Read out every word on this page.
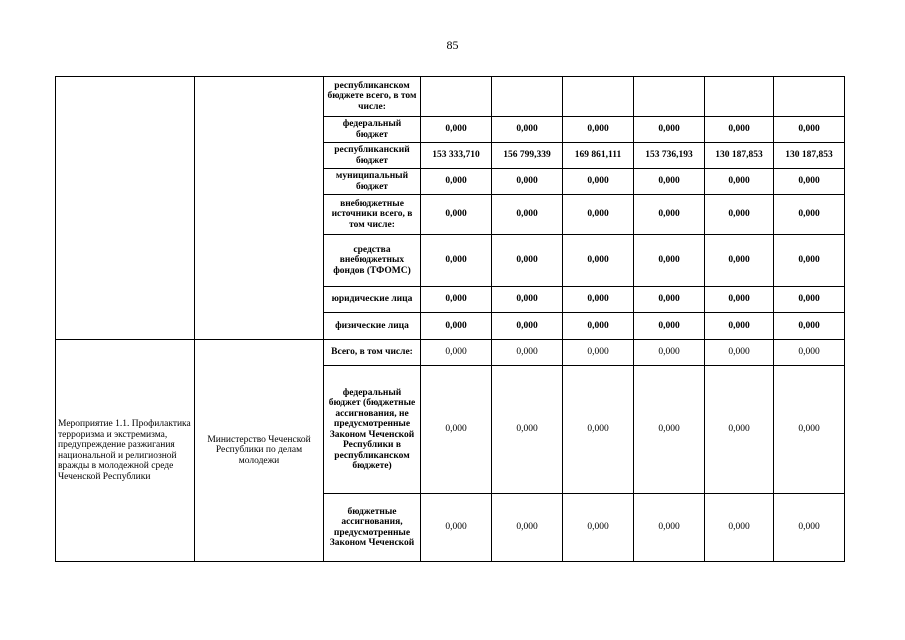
85
		республиканском бюджете всего, в том числе:						
		федеральный бюджет	0,000	0,000	0,000	0,000	0,000	0,000
		республиканский бюджет	153 333,710	156 799,339	169 861,111	153 736,193	130 187,853	130 187,853
		муниципальный бюджет	0,000	0,000	0,000	0,000	0,000	0,000
		внебюджетные источники всего, в том числе:	0,000	0,000	0,000	0,000	0,000	0,000
		средства внебюджетных фондов (ТФОМС)	0,000	0,000	0,000	0,000	0,000	0,000
		юридические лица	0,000	0,000	0,000	0,000	0,000	0,000
		физические лица	0,000	0,000	0,000	0,000	0,000	0,000
Мероприятие 1.1. Профилактика терроризма и экстремизма, предупреждение разжигания национальной и религиозной вражды в молодежной среде Чеченской Республики	Министерство Чеченской Республики по делам молодежи	Всего, в том числе:	0,000	0,000	0,000	0,000	0,000	0,000
		федеральный бюджет (бюджетные ассигнования, не предусмотренные Законом Чеченской Республики в республиканском бюджете)	0,000	0,000	0,000	0,000	0,000	0,000
		бюджетные ассигнования, предусмотренные Законом Чеченской	0,000	0,000	0,000	0,000	0,000	0,000
